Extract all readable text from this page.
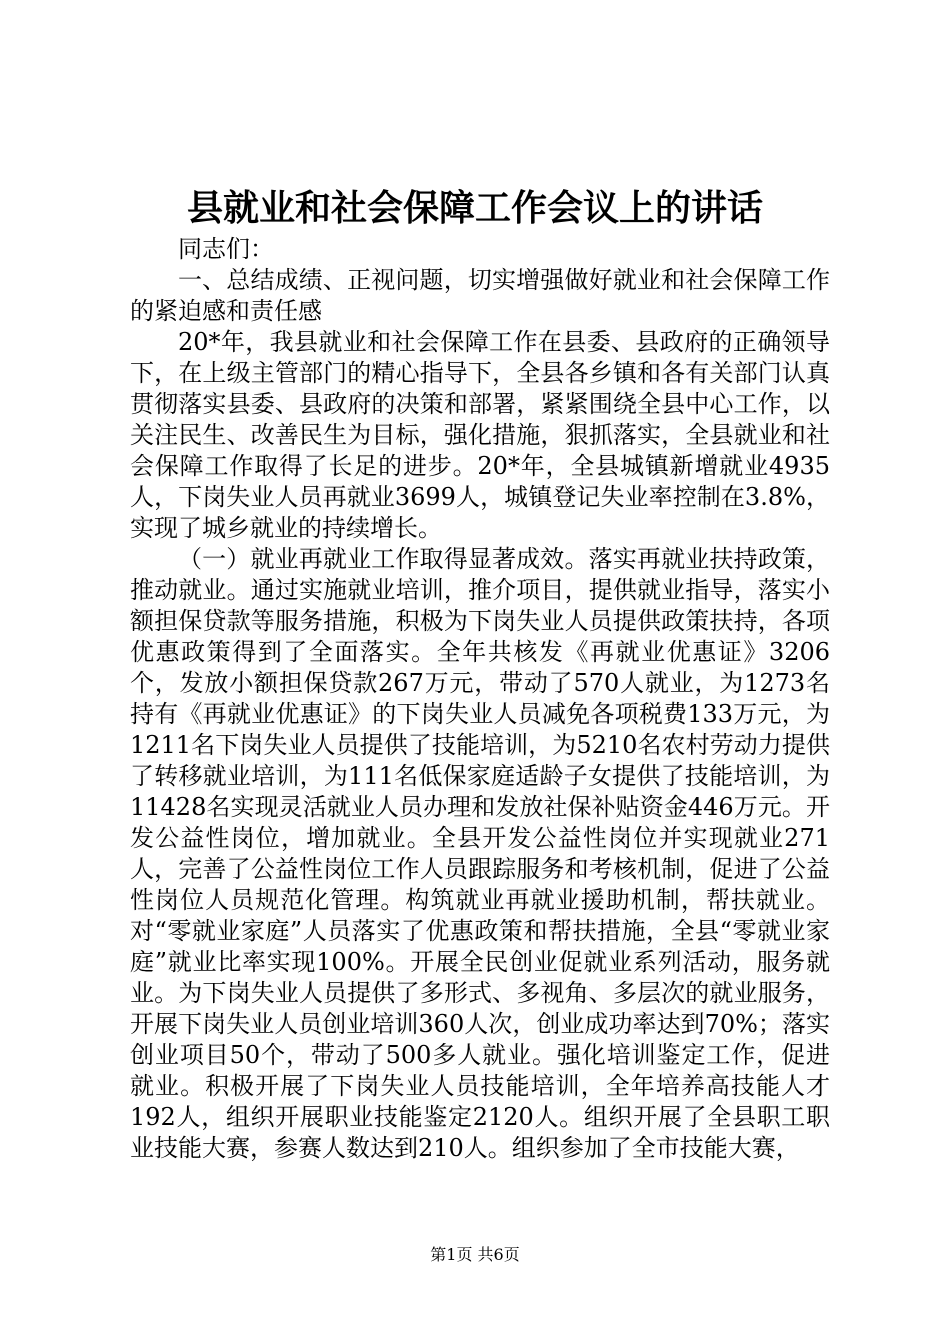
县就业和社会保障工作会议上的讲话

同志们：

一、总结成绩、正视问题，切实增强做好就业和社会保障工作的紧迫感和责任感

20*年，我县就业和社会保障工作在县委、县政府的正确领导下，在上级主管部门的精心指导下，全县各乡镇和各有关部门认真贯彻落实县委、县政府的决策和部署，紧紧围绕全县中心工作，以关注民生、改善民生为目标，强化措施，狠抓落实，全县就业和社会保障工作取得了长足的进步。20*年，全县城镇新增就业4935人，下岗失业人员再就业3699人，城镇登记失业率控制在3.8%，实现了城乡就业的持续增长。

（一）就业再就业工作取得显著成效。落实再就业扶持政策，推动就业。通过实施就业培训，推介项目，提供就业指导，落实小额担保贷款等服务措施，积极为下岗失业人员提供政策扶持，各项优惠政策得到了全面落实。全年共核发《再就业优惠证》3206个，发放小额担保贷款267万元，带动了570人就业，为1273名持有《再就业优惠证》的下岗失业人员减免各项税费133万元，为1211名下岗失业人员提供了技能培训，为5210名农村劳动力提供了转移就业培训，为111名低保家庭适龄子女提供了技能培训，为11428名实现灵活就业人员办理和发放社保补贴资金446万元。开发公益性岗位，增加就业。全县开发公益性岗位并实现就业271人，完善了公益性岗位工作人员跟踪服务和考核机制，促进了公益性岗位人员规范化管理。构筑就业再就业援助机制，帮扶就业。对“零就业家庭”人员落实了优惠政策和帮扶措施，全县“零就业家庭”就业比率实现100%。开展全民创业促就业系列活动，服务就业。为下岗失业人员提供了多形式、多视角、多层次的就业服务，开展下岗失业人员创业培训360人次，创业成功率达到70%；落实创业项目50个，带动了500多人就业。强化培训鉴定工作，促进就业。积极开展了下岗失业人员技能培训，全年培养高技能人才192人，组织开展职业技能鉴定2120人。组织开展了全县职工职业技能大赛，参赛人数达到210人。组织参加了全市技能大赛，

第1页 共6页
